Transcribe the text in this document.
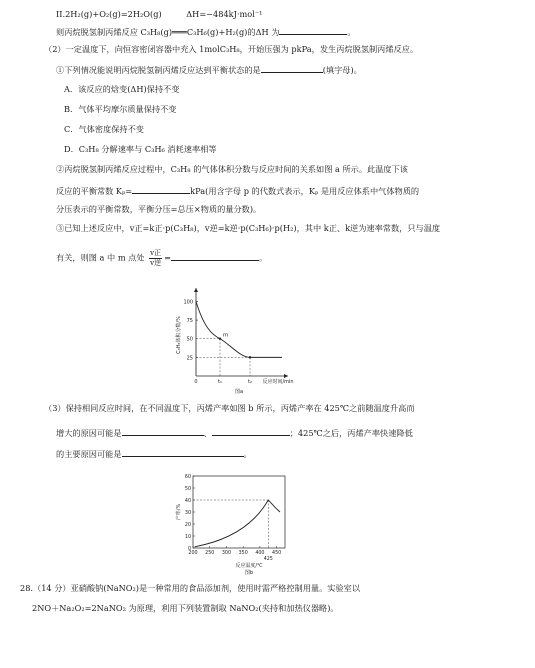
II.2H₂(g)+O₂(g)=2H₂O(g)	ΔH=−484kJ·mol⁻¹
则丙烷脱氢制丙烯反应 C₃H₈(g)═══C₃H₆(g)+H₂(g)的ΔH 为	。
（2）一定温度下，向恒容密闭容器中充入 1molC₃H₈，开始压强为 pkPa，发生丙烷脱氢制丙烯反应。
①下列情况能说明丙烷脱氢制丙烯反应达到平衡状态的是	(填字母)。
A．该反应的焓变(ΔH)保持不变
B．气体平均摩尔质量保持不变
C．气体密度保持不变
D．C₃H₈ 分解速率与 C₃H₆ 消耗速率相等
②丙烷脱氢制丙烯反应过程中，C₃H₈ 的气体体积分数与反应时间的关系如图 a 所示。此温度下该
反应的平衡常数 Kₚ=	kPa(用含字母 p 的代数式表示，Kₚ 是用反应体系中气体物质的
分压表示的平衡常数，平衡分压=总压×物质的量分数)。
③已知上述反应中，v正=k正·p(C₃H₈)，v逆=k逆·p(C₃H₆)·p(H₂)，其中 k正、k逆为速率常数，只与温度
有关，则图 a 中 m 点处 $\frac{\text{v正}}{\text{v逆}}$ =	。
100
75
50
25
0	t₁	t₂
m
C₃H₈体积分数/%
反应时间/min
图a
（3）保持相同反应时间，在不同温度下，丙烯产率如图 b 所示，丙烯产率在 425℃之前随温度升高而
增大的原因可能是	、	；425℃之后，丙烯产率快速降低
的主要原因可能是	。
60
50
40
30
20
10
0
200 250 300 350 400 450
425
产率/%
反应温度/℃
图b
28.（14 分）亚硝酸钠(NaNO₂)是一种常用的食品添加剂，使用时需严格控制用量。实验室以
2NO＋Na₂O₂=2NaNO₂ 为原理，利用下列装置制取 NaNO₂(夹持和加热仪器略)。
